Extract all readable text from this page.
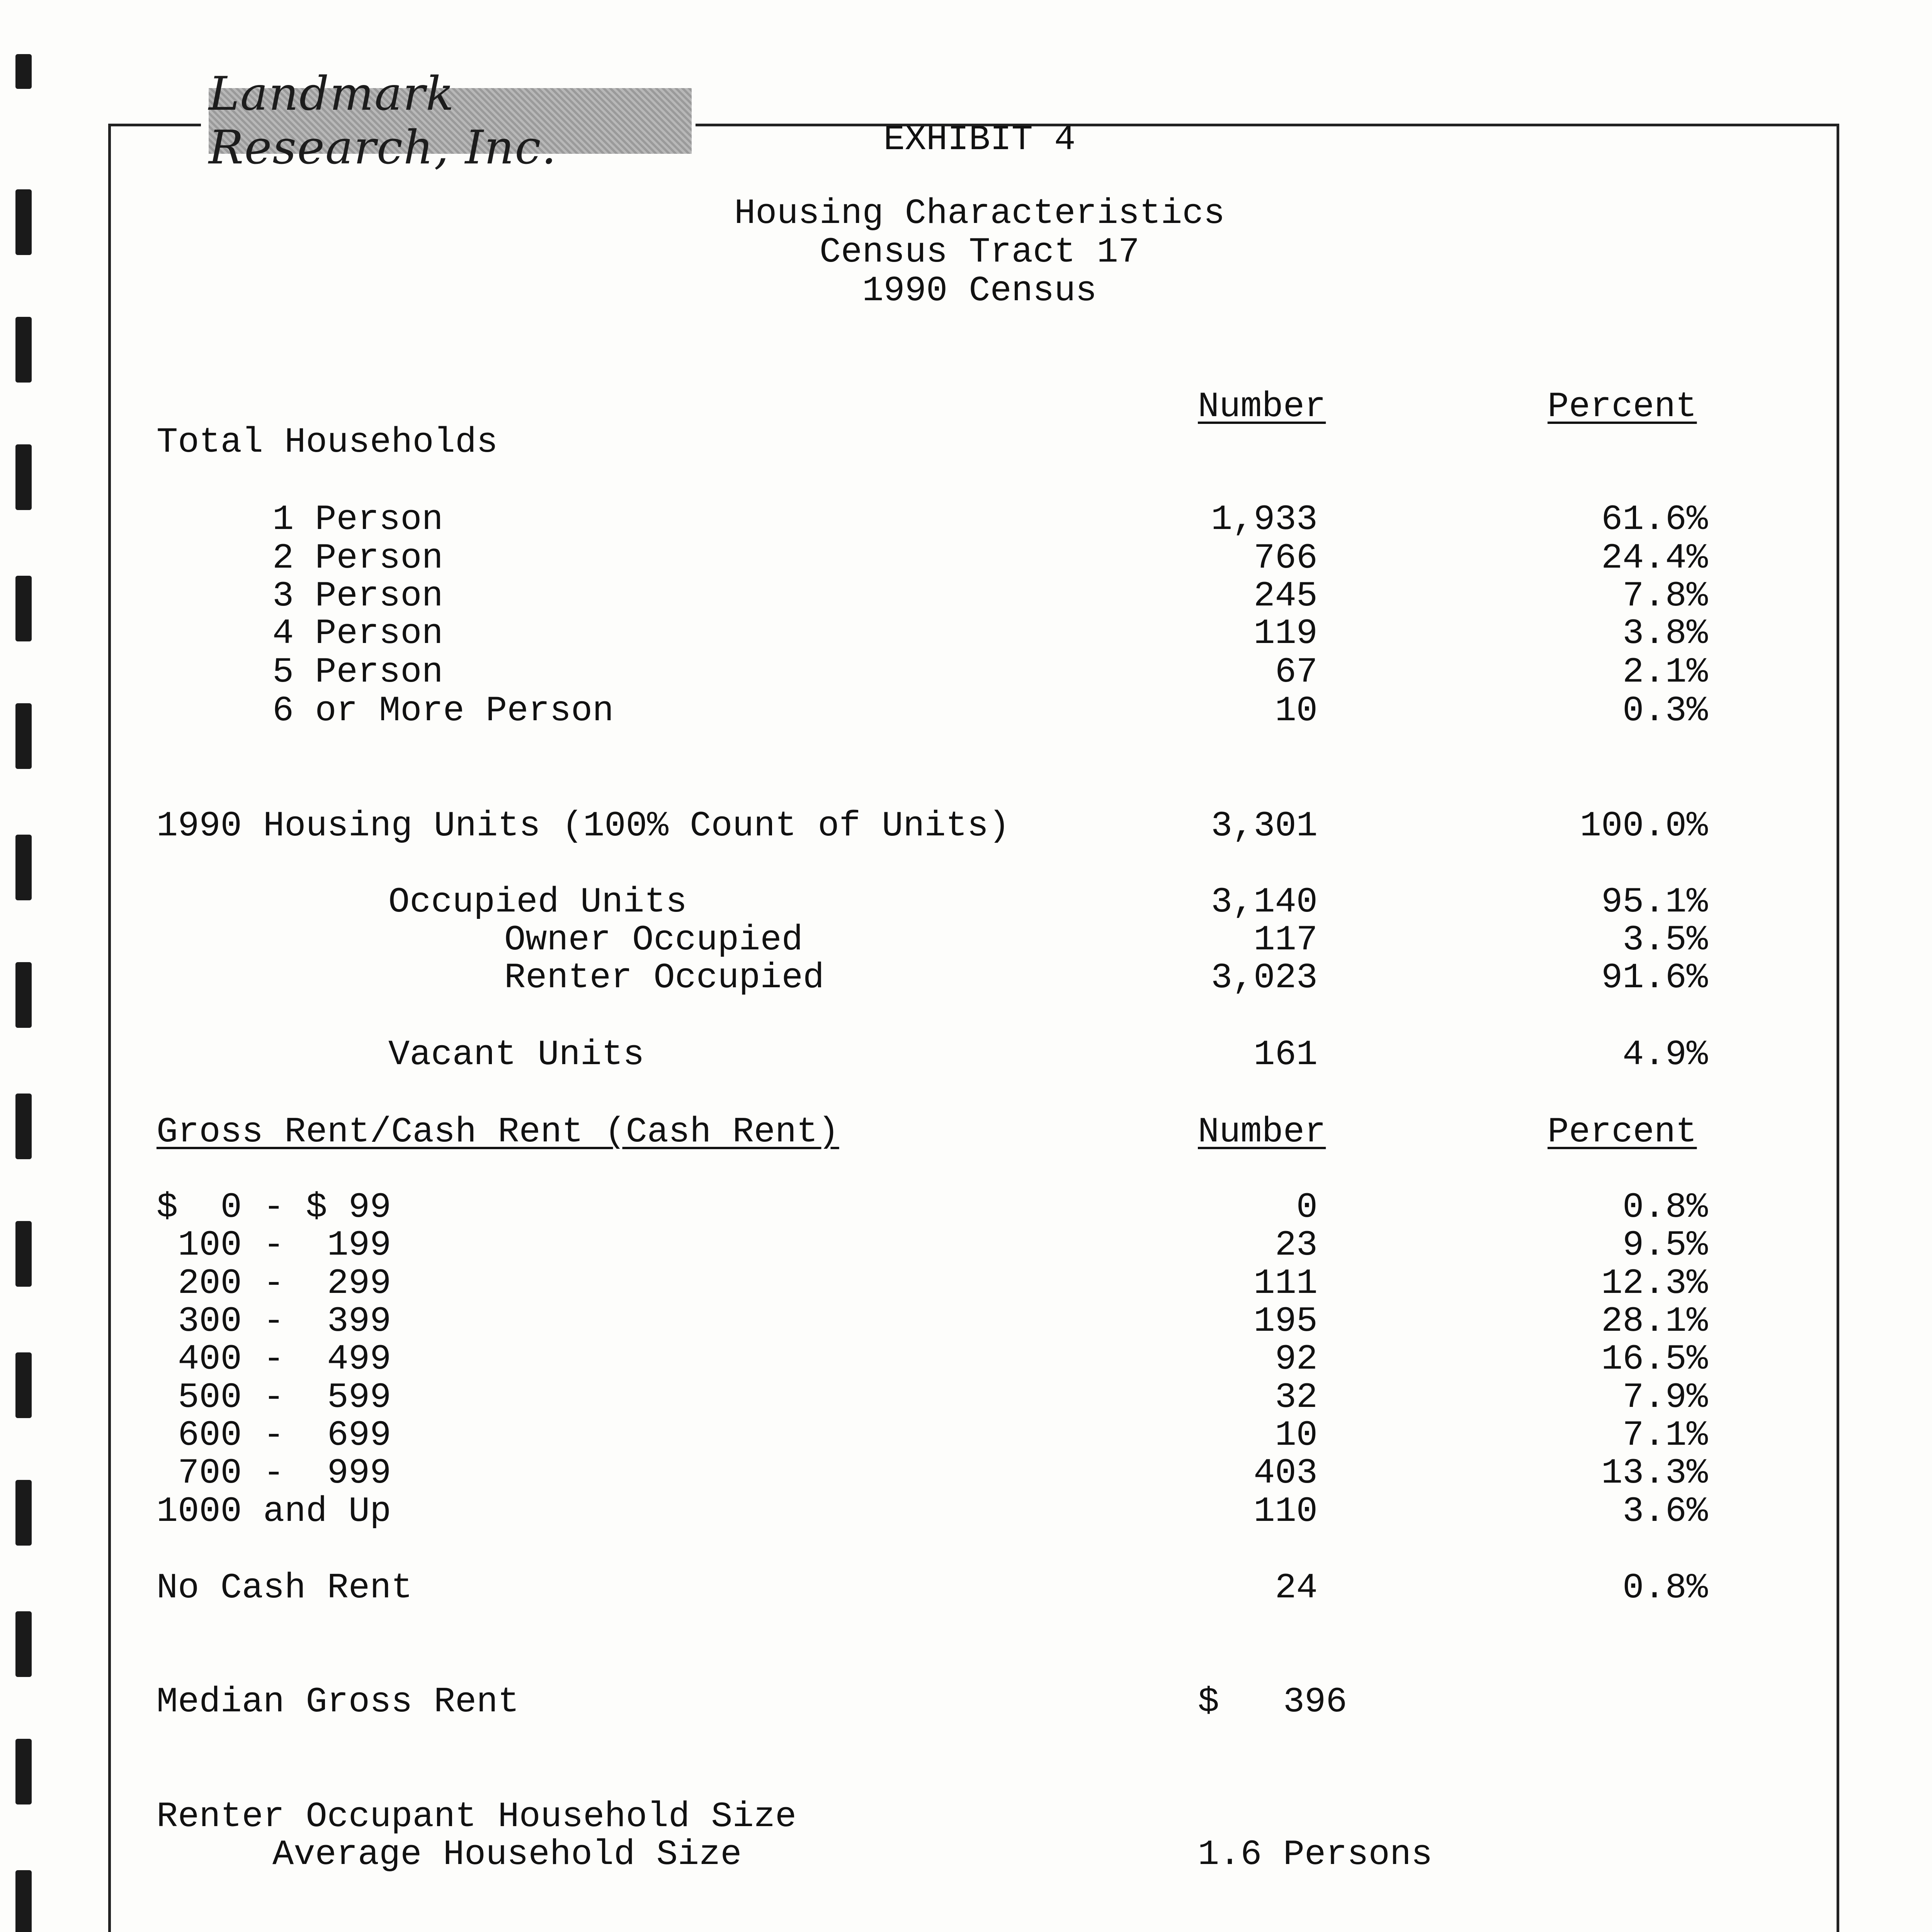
Landmark Research, Inc.	EXHIBIT 4
Housing Characteristics
Census Tract 17
1990 Census
Number	Percent
Total Households
1 Person	1,933	61.6%
2 Person	766	24.4%
3 Person	245	7.8%
4 Person	119	3.8%
5 Person	67	2.1%
6 or More Person	10	0.3%
1990 Housing Units (100% Count of Units)	3,301	100.0%
Occupied Units	3,140	95.1%
Owner Occupied	117	3.5%
Renter Occupied	3,023	91.6%
Vacant Units	161	4.9%
Gross Rent/Cash Rent (Cash Rent)	Number	Percent
$  0 - $ 99	0	0.8%
100 -  199	23	9.5%
200 -  299	111	12.3%
300 -  399	195	28.1%
400 -  499	92	16.5%
500 -  599	32	7.9%
600 -  699	10	7.1%
700 -  999	403	13.3%
1000 and Up	110	3.6%
No Cash Rent	24	0.8%
Median Gross Rent	$   396
Renter Occupant Household Size
Average Household Size	1.6 Persons
